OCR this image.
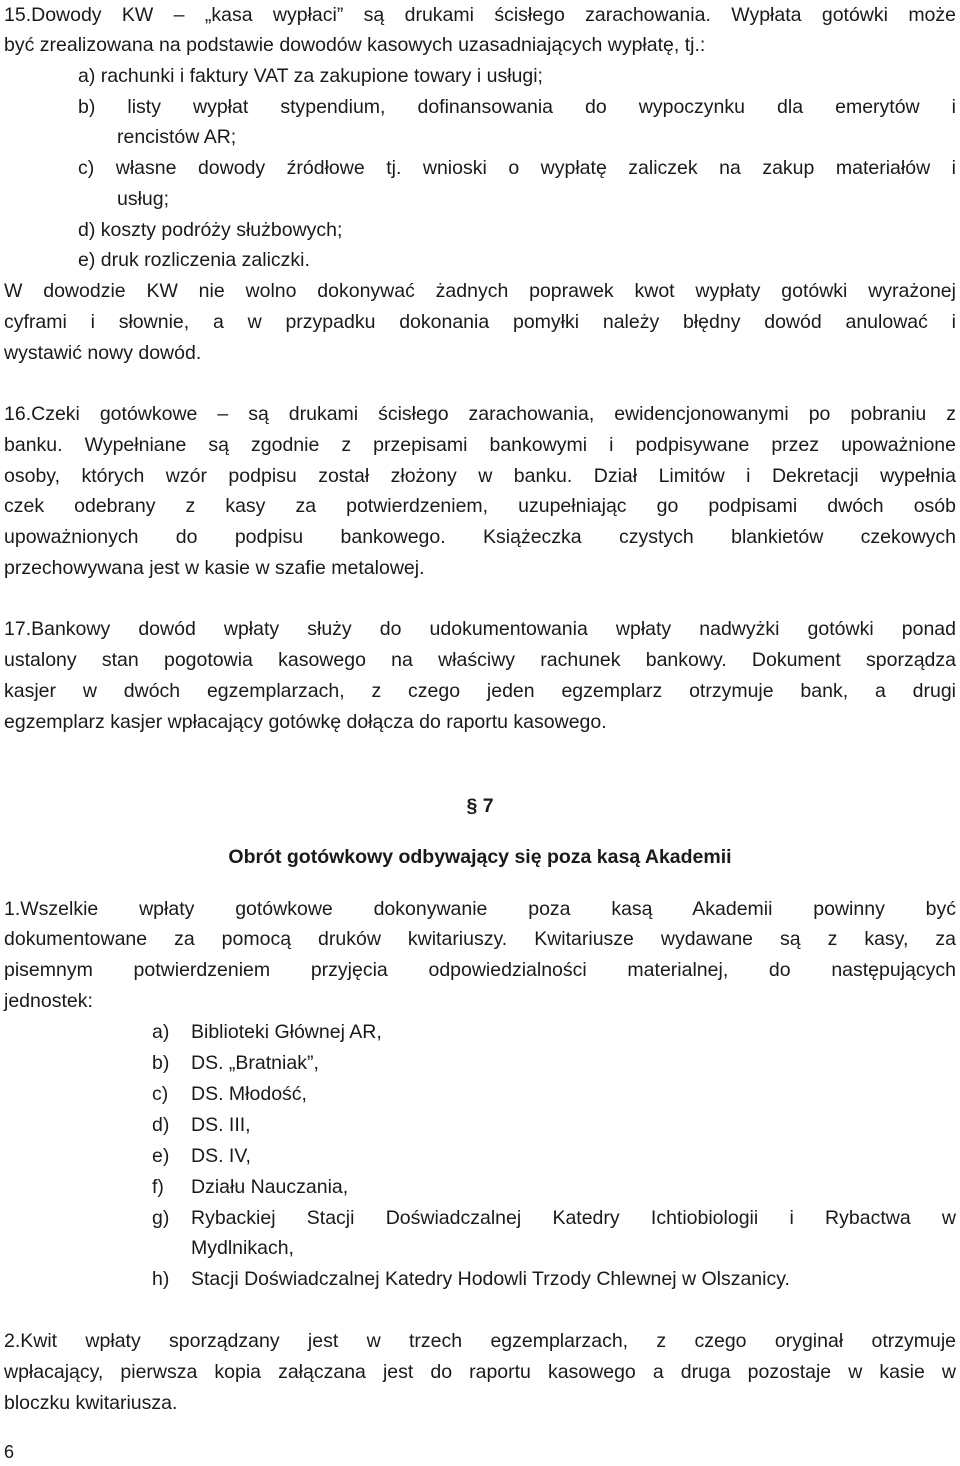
15.Dowody KW – „kasa wypłaci” są drukami ścisłego zarachowania. Wypłata gotówki może
być zrealizowana na podstawie dowodów kasowych uzasadniających wypłatę, tj.:
a) rachunki i faktury VAT za zakupione towary i usługi;
b) listy wypłat stypendium, dofinansowania do wypoczynku dla emerytów i
rencistów AR;
c) własne dowody źródłowe tj. wnioski o wypłatę zaliczek na zakup materiałów i
usług;
d) koszty podróży służbowych;
e) druk rozliczenia zaliczki.
W dowodzie KW nie wolno dokonywać żadnych poprawek kwot wypłaty gotówki wyrażonej
cyframi i słownie, a w przypadku dokonania pomyłki należy błędny dowód anulować i
wystawić nowy dowód.
16.Czeki gotówkowe – są drukami ścisłego zarachowania, ewidencjonowanymi po pobraniu z
banku. Wypełniane są zgodnie z przepisami bankowymi i podpisywane przez upoważnione
osoby, których wzór podpisu został złożony w banku. Dział Limitów i Dekretacji wypełnia
czek odebrany z kasy za potwierdzeniem, uzupełniając go podpisami dwóch osób
upoważnionych do podpisu bankowego. Książeczka czystych blankietów czekowych
przechowywana jest w kasie w szafie metalowej.
17.Bankowy dowód wpłaty służy do udokumentowania wpłaty nadwyżki gotówki ponad
ustalony stan pogotowia kasowego na właściwy rachunek bankowy. Dokument sporządza
kasjer w dwóch egzemplarzach, z czego jeden egzemplarz otrzymuje bank, a drugi
egzemplarz kasjer wpłacający gotówkę dołącza do raportu kasowego.
§ 7
Obrót gotówkowy odbywający się poza kasą Akademii
1.Wszelkie wpłaty gotówkowe dokonywanie poza kasą Akademii powinny być
dokumentowane za pomocą druków kwitariuszy. Kwitariusze wydawane są z kasy, za
pisemnym potwierdzeniem przyjęcia odpowiedzialności materialnej, do następujących
jednostek:
a) Biblioteki Głównej AR,
b) DS. „Bratniak”,
c) DS. Młodość,
d) DS. III,
e) DS. IV,
f) Działu Nauczania,
g) Rybackiej Stacji Doświadczalnej Katedry Ichtiobiologii i Rybactwa w
Mydlnikach,
h) Stacji Doświadczalnej Katedry Hodowli Trzody Chlewnej w Olszanicy.
2.Kwit wpłaty sporządzany jest w trzech egzemplarzach, z czego oryginał otrzymuje
wpłacający, pierwsza kopia załączana jest do raportu kasowego a druga pozostaje w kasie w
bloczku kwitariusza.
6
